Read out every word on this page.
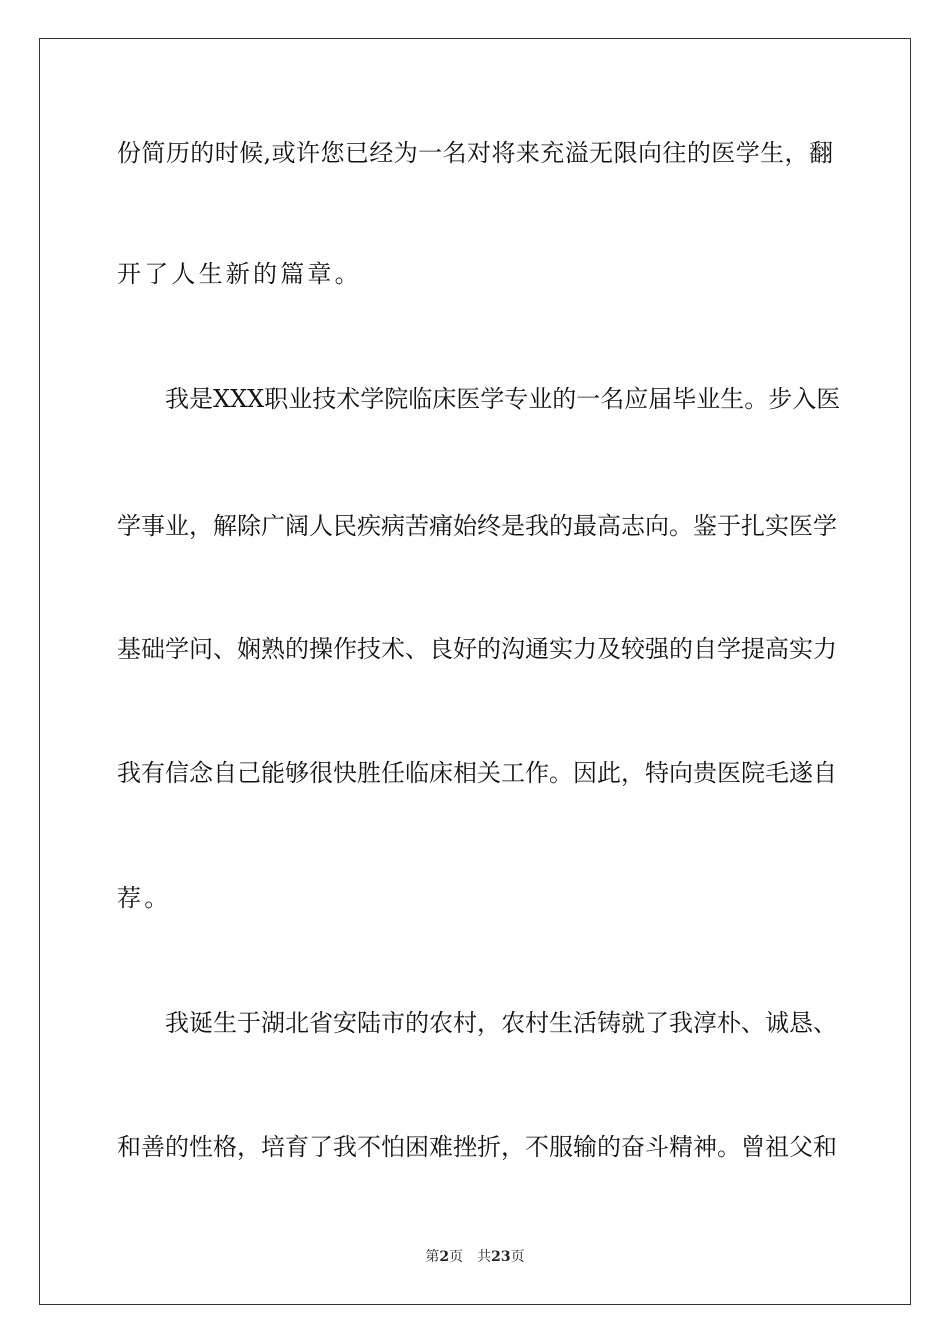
份简历的时候,或许您已经为一名对将来充溢无限向往的医学生，翻
开了人生新的篇章。
我是XXX职业技术学院临床医学专业的一名应届毕业生。步入医
学事业，解除广阔人民疾病苦痛始终是我的最高志向。鉴于扎实医学
基础学问、娴熟的操作技术、良好的沟通实力及较强的自学提高实力
我有信念自己能够很快胜任临床相关工作。因此，特向贵医院毛遂自
荐。
我诞生于湖北省安陆市的农村，农村生活铸就了我淳朴、诚恳、
和善的性格，培育了我不怕困难挫折，不服输的奋斗精神。曾祖父和
第2页 共23页
